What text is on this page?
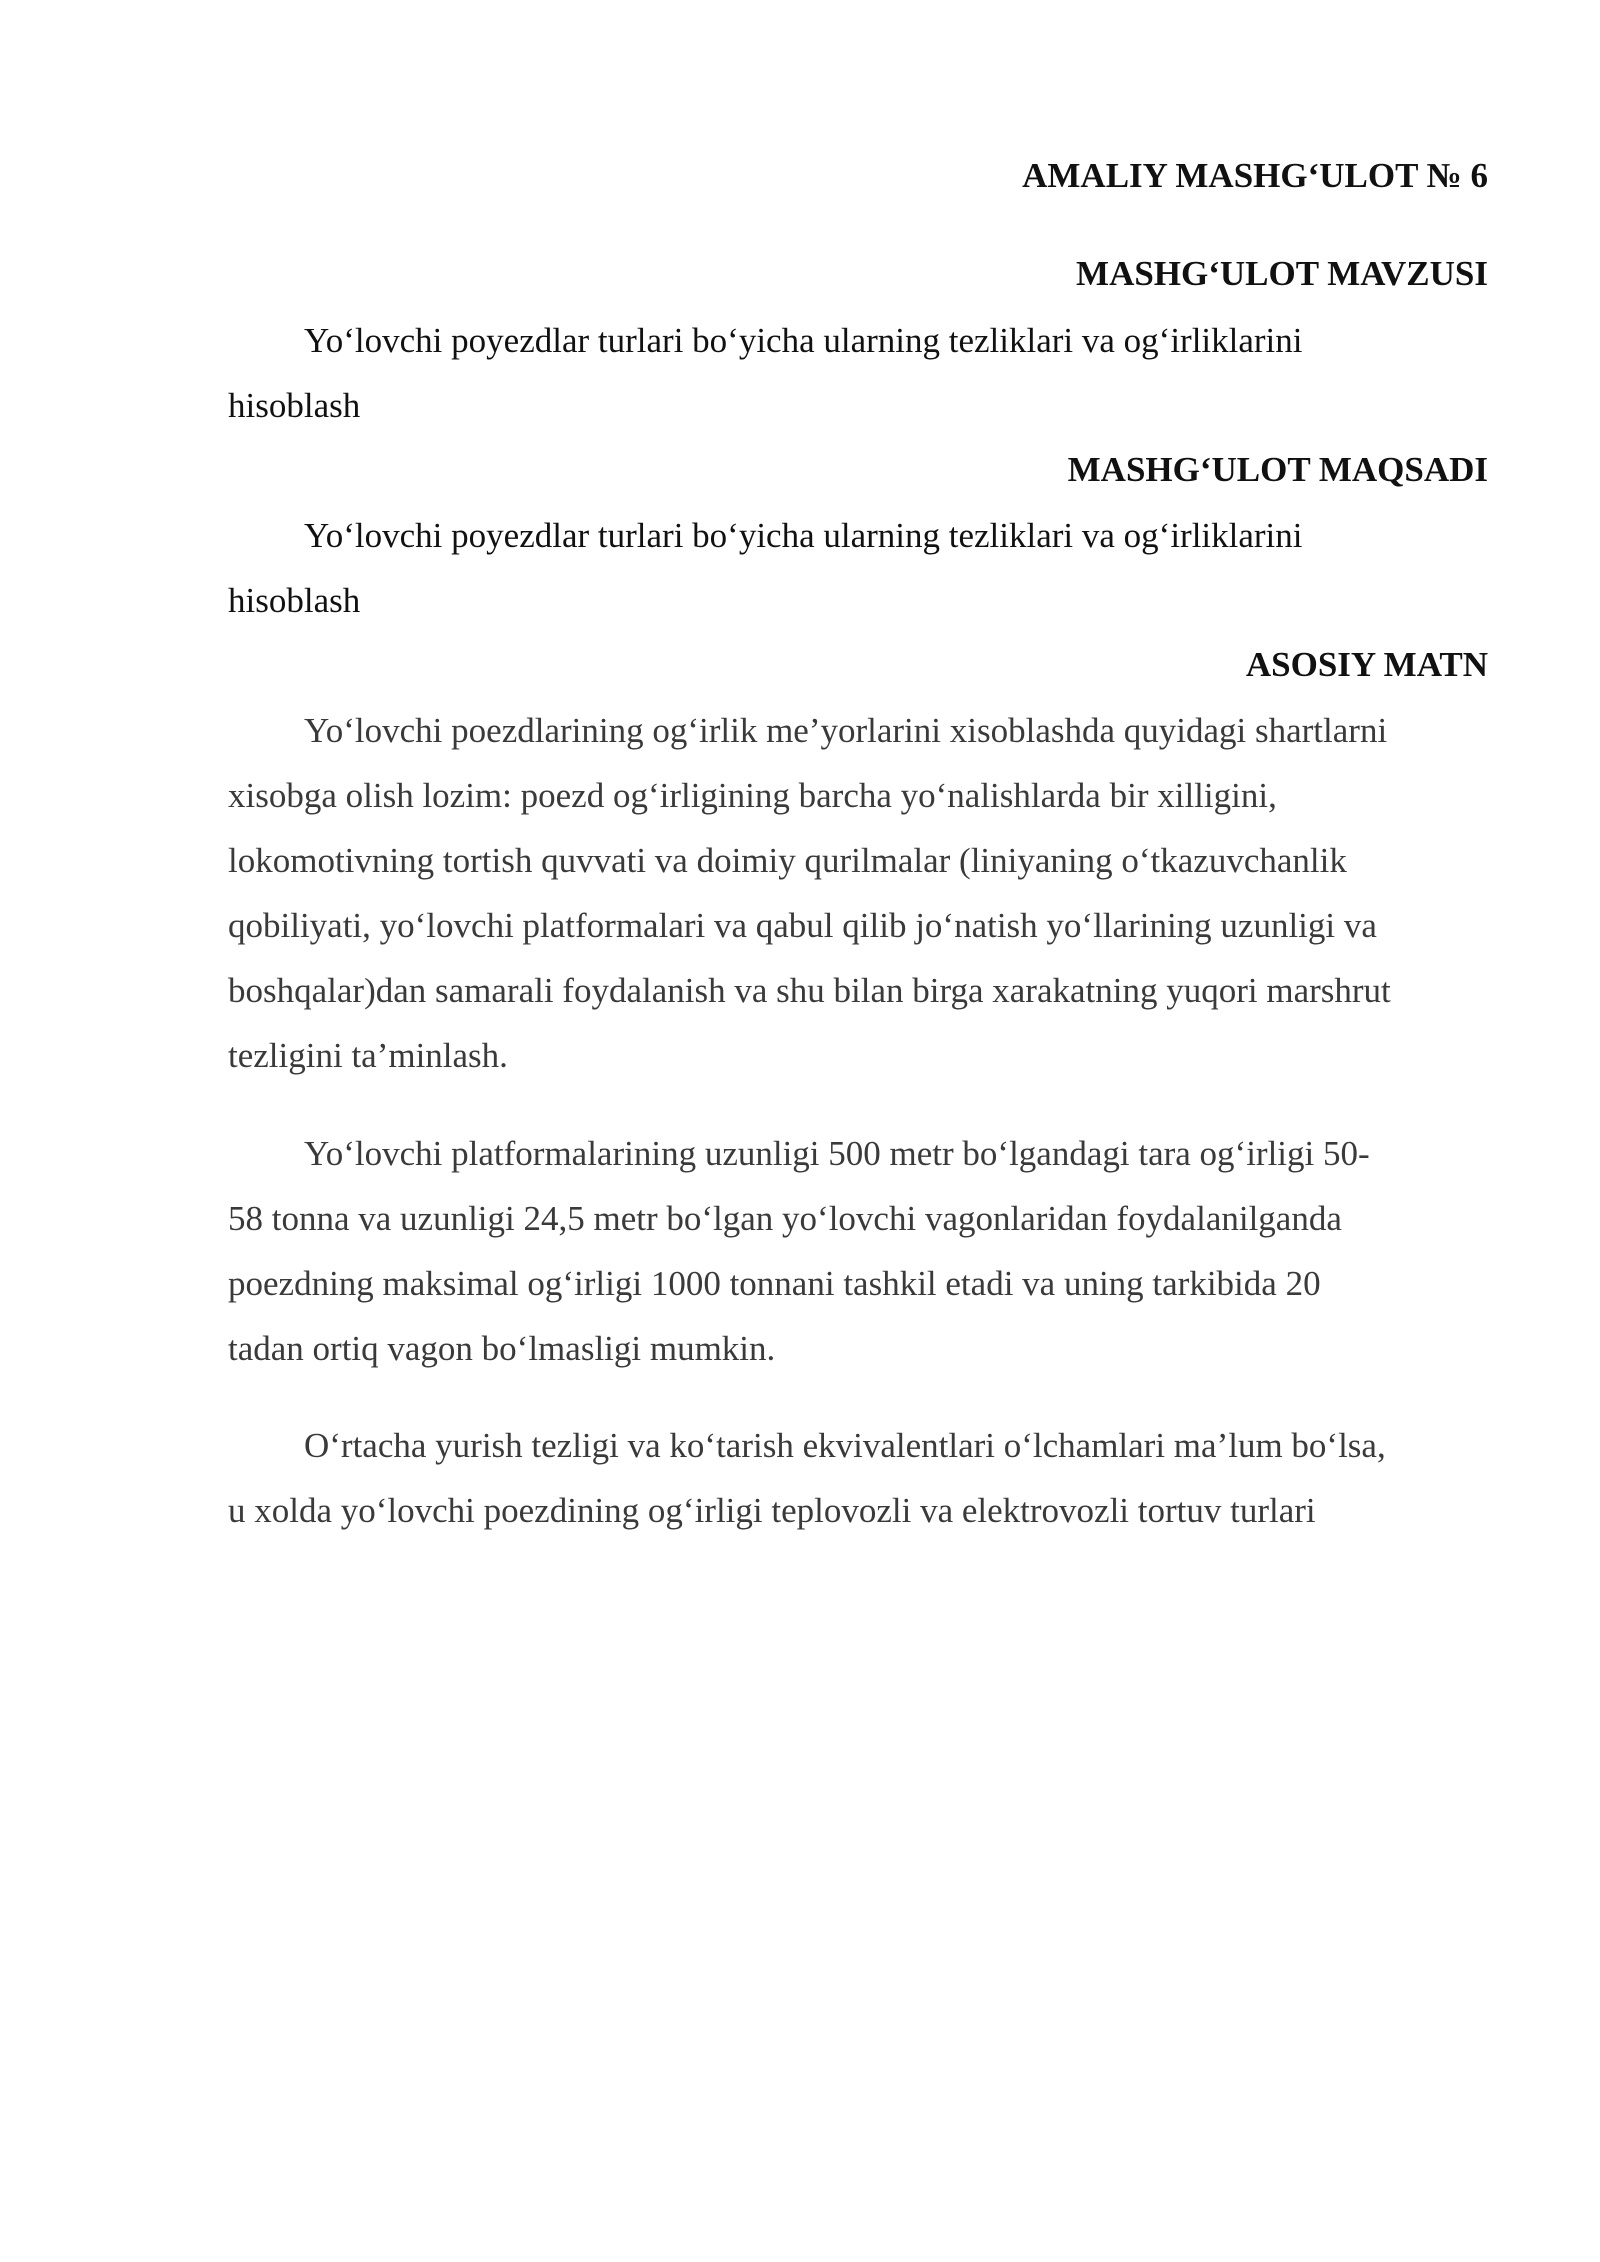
AMALIY MASHG‘ULOT № 6
MASHG‘ULOT MAVZUSI
Yo‘lovchi poyezdlar turlari bo‘yicha ularning tezliklari va og‘irliklarini
hisoblash
MASHG‘ULOT MAQSADI
Yo‘lovchi poyezdlar turlari bo‘yicha ularning tezliklari va og‘irliklarini
hisoblash
ASOSIY MATN
Yo‘lovchi poezdlarining og‘irlik me’yorlarini xisoblashda quyidagi shartlarni
xisobga olish lozim: poezd og‘irligining barcha yo‘nalishlarda bir xilligini,
lokomotivning tortish quvvati va doimiy qurilmalar (liniyaning o‘tkazuvchanlik
qobiliyati, yo‘lovchi platformalari va qabul qilib jo‘natish yo‘llarining uzunligi va
boshqalar)dan samarali foydalanish va shu bilan birga xarakatning yuqori marshrut
tezligini ta’minlash.
Yo‘lovchi platformalarining uzunligi 500 metr bo‘lgandagi tara og‘irligi 50-
58 tonna va uzunligi 24,5 metr bo‘lgan yo‘lovchi vagonlaridan foydalanilganda
poezdning maksimal og‘irligi 1000 tonnani tashkil etadi va uning tarkibida 20
tadan ortiq vagon bo‘lmasligi mumkin.
O‘rtacha yurish tezligi va ko‘tarish ekvivalentlari o‘lchamlari ma’lum bo‘lsa,
u xolda yo‘lovchi poezdining og‘irligi teplovozli va elektrovozli tortuv turlari
